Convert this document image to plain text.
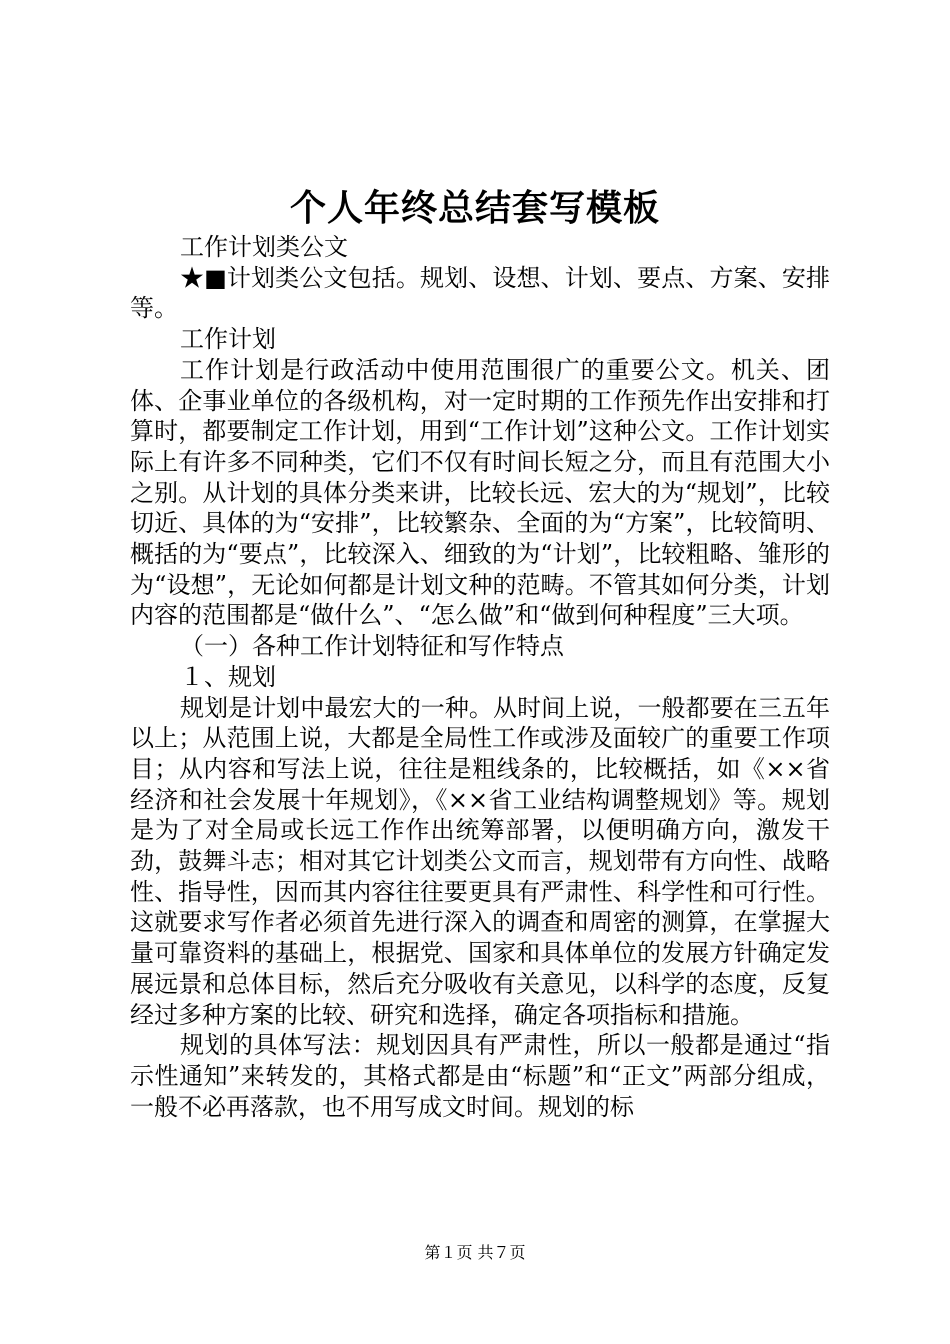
个人年终总结套写模板

工作计划类公文

★■计划类公文包括。规划、设想、计划、要点、方案、安排等。

工作计划

工作计划是行政活动中使用范围很广的重要公文。机关、团体、企事业单位的各级机构，对一定时期的工作预先作出安排和打算时，都要制定工作计划，用到“工作计划”这种公文。工作计划实际上有许多不同种类，它们不仅有时间长短之分，而且有范围大小之别。从计划的具体分类来讲，比较长远、宏大的为“规划”，比较切近、具体的为“安排”，比较繁杂、全面的为“方案”，比较简明、概括的为“要点”，比较深入、细致的为“计划”，比较粗略、雏形的为“设想”，无论如何都是计划文种的范畴。不管其如何分类，计划内容的范围都是“做什么”、“怎么做”和“做到何种程度”三大项。

（一）各种工作计划特征和写作特点

１、规划

规划是计划中最宏大的一种。从时间上说，一般都要在三五年以上；从范围上说，大都是全局性工作或涉及面较广的重要工作项目；从内容和写法上说，往往是粗线条的，比较概括，如《××省经济和社会发展十年规划》，《××省工业结构调整规划》等。规划是为了对全局或长远工作作出统筹部署，以便明确方向，激发干劲，鼓舞斗志；相对其它计划类公文而言，规划带有方向性、战略性、指导性，因而其内容往往要更具有严肃性、科学性和可行性。这就要求写作者必须首先进行深入的调查和周密的测算，在掌握大量可靠资料的基础上，根据党、国家和具体单位的发展方针确定发展远景和总体目标，然后充分吸收有关意见，以科学的态度，反复经过多种方案的比较、研究和选择，确定各项指标和措施。

规划的具体写法：规划因具有严肃性，所以一般都是通过“指示性通知”来转发的，其格式都是由“标题”和“正文”两部分组成，一般不必再落款，也不用写成文时间。规划的标

第１页 共７页
